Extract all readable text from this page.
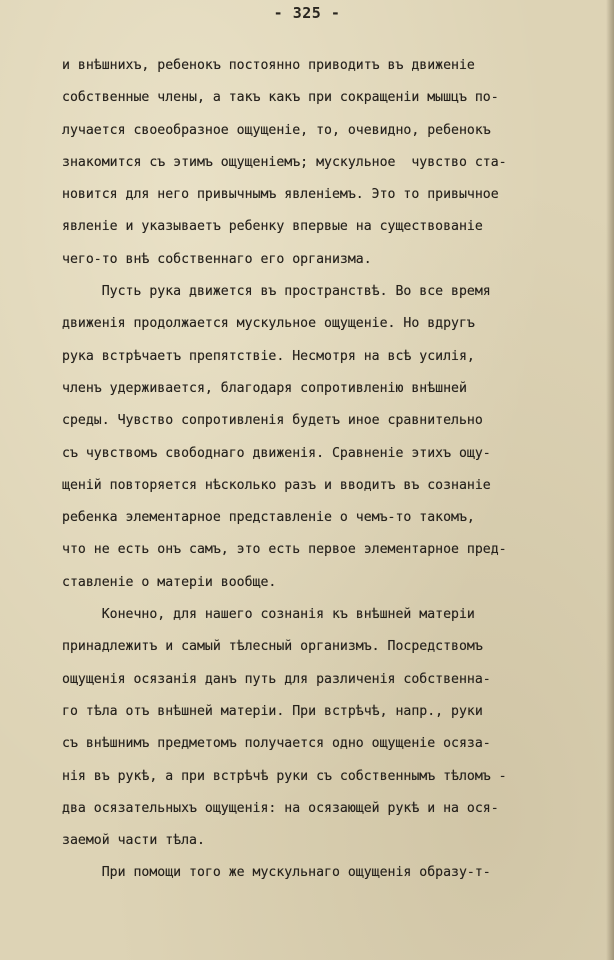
- 325 -
и внѣшнихъ, ребенокъ постоянно приводитъ въ движеніе
собственные члены, а такъ какъ при сокращеніи мышцъ по-
лучается своеобразное ощущеніе, то, очевидно, ребенокъ
знакомится съ этимъ ощущеніемъ; мускульное  чувство ста-
новится для него привычнымъ явленіемъ. Это то привычное
явленіе и указываетъ ребенку впервые на существованіе
чего-то внѣ собственнаго его организма.
Пусть рука движется въ пространствѣ. Во все время
движенія продолжается мускульное ощущеніе. Но вдругъ
рука встрѣчаетъ препятствіе. Несмотря на всѣ усилія,
членъ удерживается, благодаря сопротивленію внѣшней
среды. Чувство сопротивленія будетъ иное сравнительно
съ чувствомъ свободнаго движенія. Сравненіе этихъ ощу-
щеній повторяется нѣсколько разъ и вводитъ въ сознаніе
ребенка элементарное представленіе о чемъ-то такомъ,
что не есть онъ самъ, это есть первое элементарное пред-
ставленіе о матеріи вообще.
Конечно, для нашего сознанія къ внѣшней матеріи
принадлежитъ и самый тѣлесный организмъ. Посредствомъ
ощущенія осязанія данъ путь для различенія собственна-
го тѣла отъ внѣшней матеріи. При встрѣчѣ, напр., руки
съ внѣшнимъ предметомъ получается одно ощущеніе осяза-
нія въ рукѣ, а при встрѣчѣ руки съ собственнымъ тѣломъ -
два осязательныхъ ощущенія: на осязающей рукѣ и на ося-
заемой части тѣла.
При помощи того же мускульнаго ощущенія образу-т-
